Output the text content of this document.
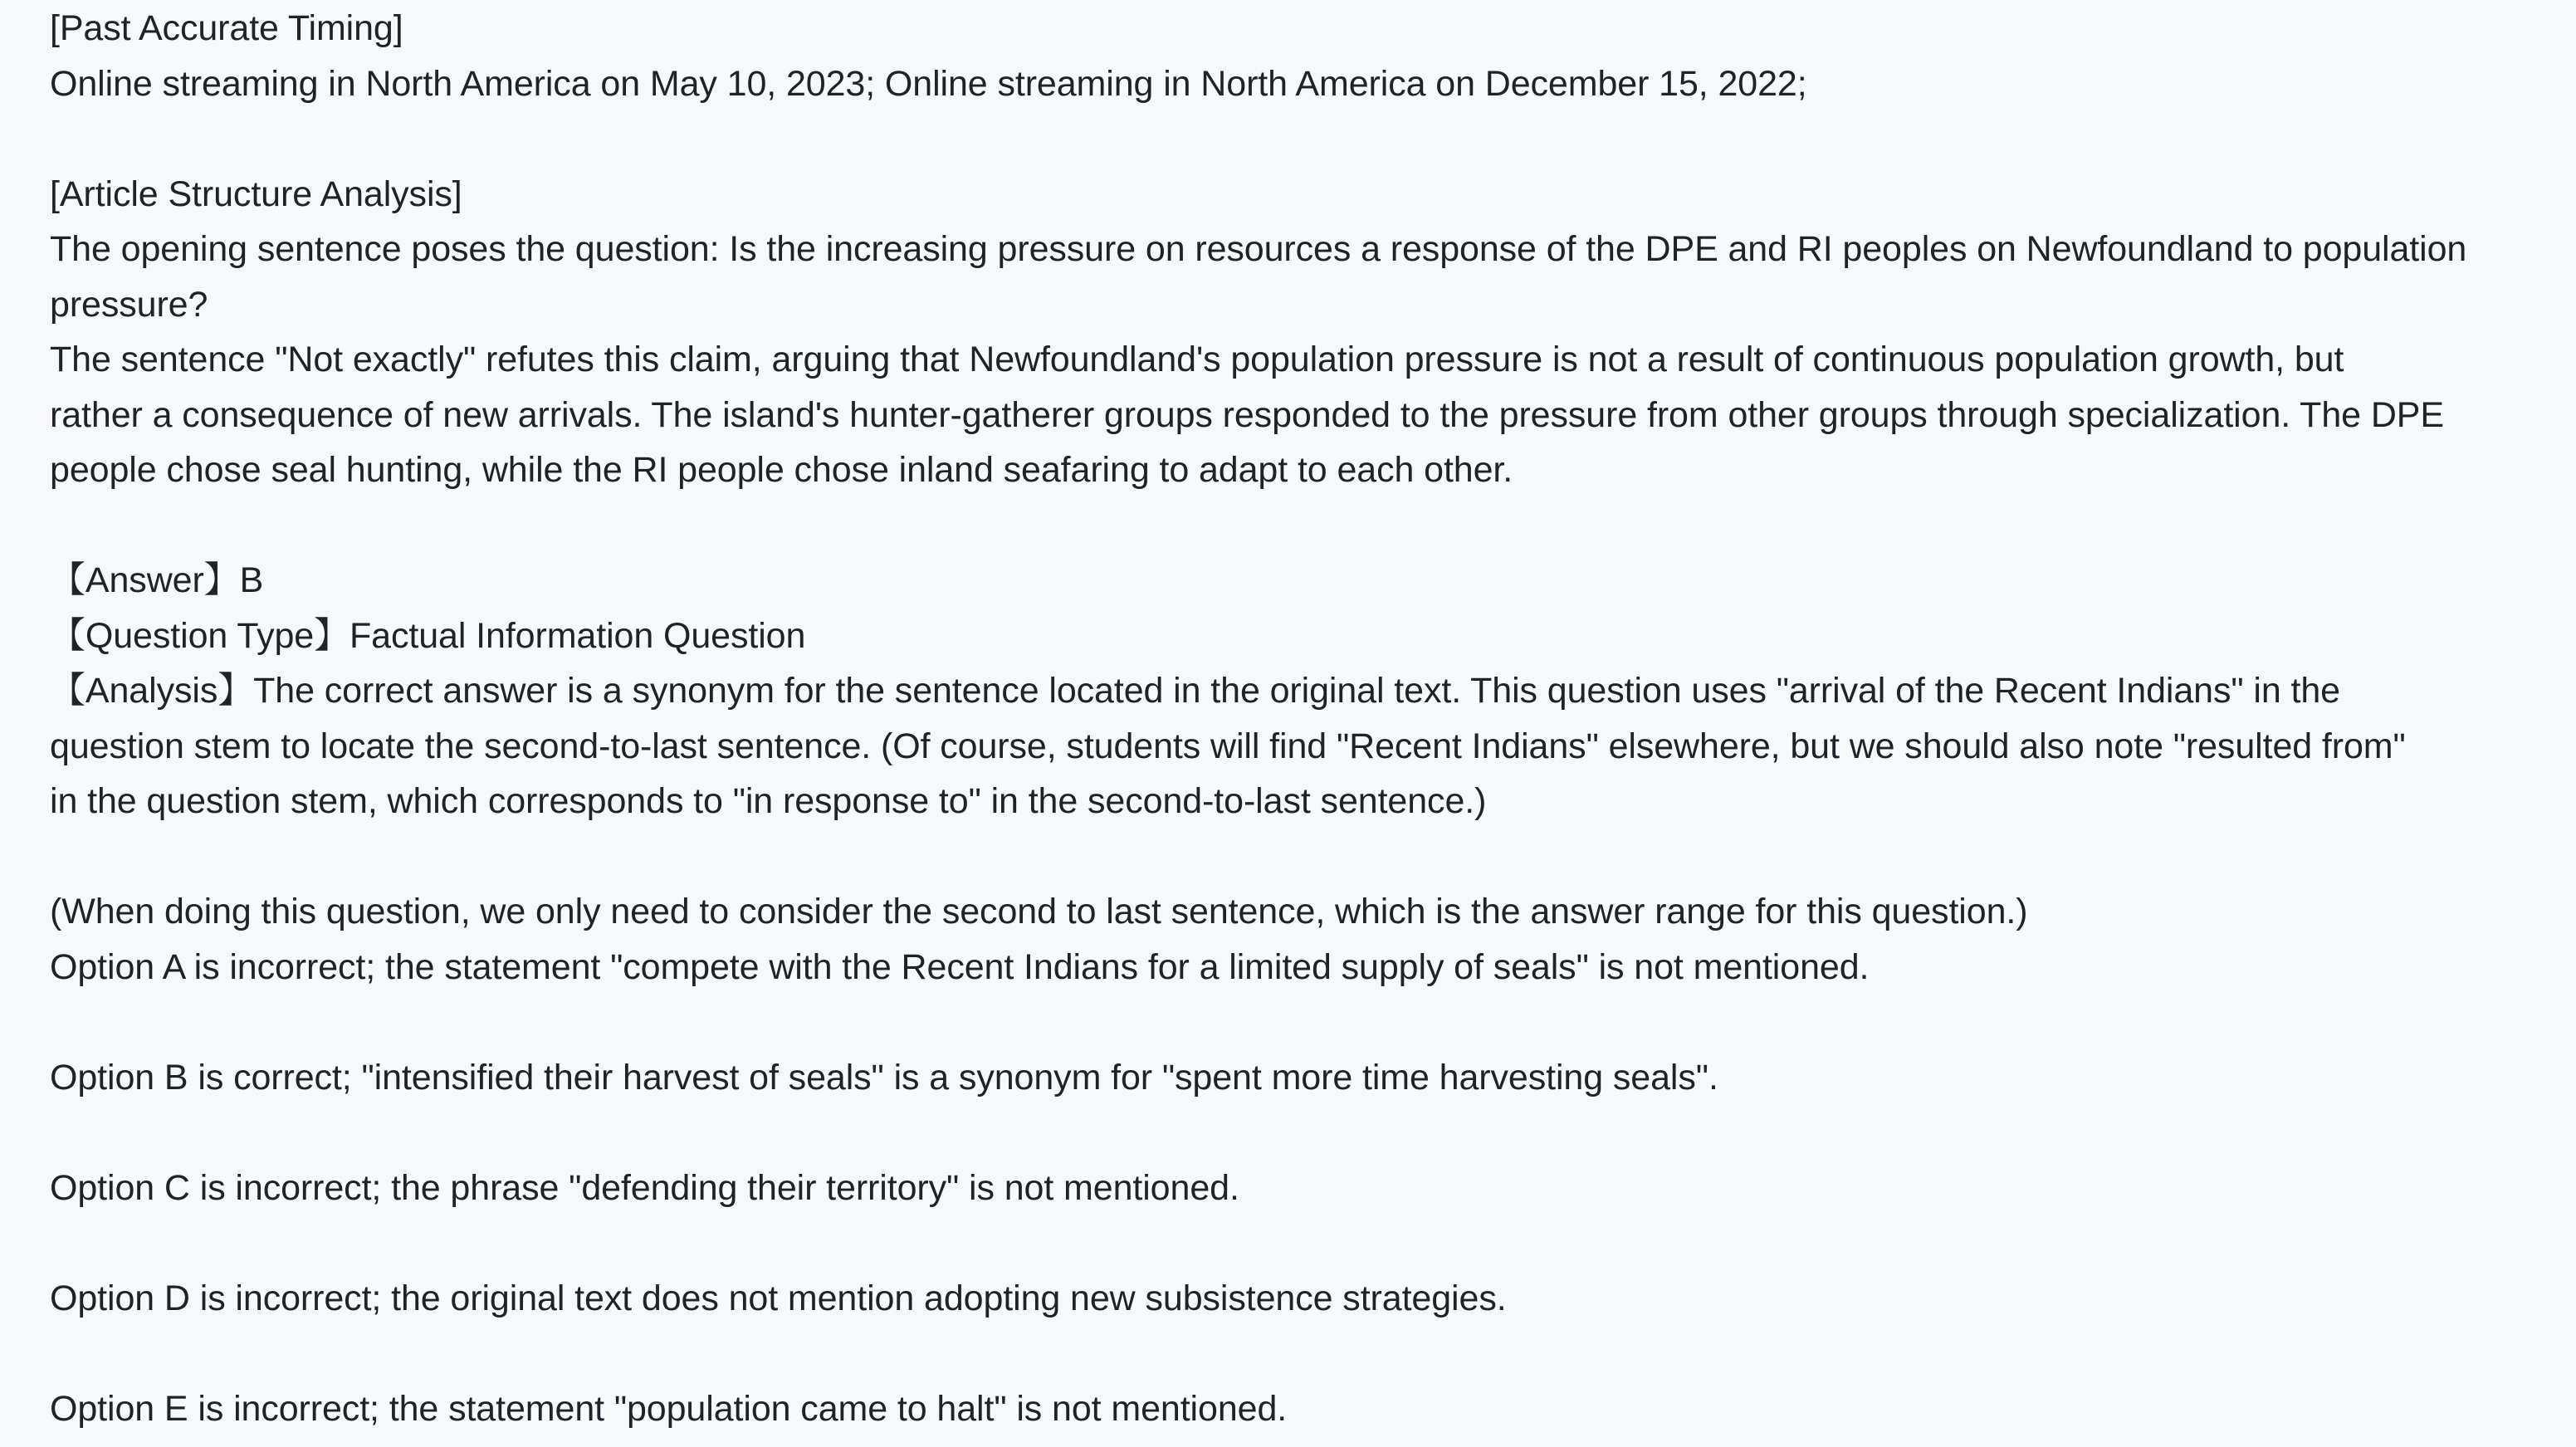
[Past Accurate Timing]
Online streaming in North America on May 10, 2023; Online streaming in North America on December 15, 2022;
[Article Structure Analysis]
The opening sentence poses the question: Is the increasing pressure on resources a response of the DPE and RI peoples on Newfoundland to population
pressure?
The sentence "Not exactly" refutes this claim, arguing that Newfoundland's population pressure is not a result of continuous population growth, but
rather a consequence of new arrivals. The island's hunter-gatherer groups responded to the pressure from other groups through specialization. The DPE
people chose seal hunting, while the RI people chose inland seafaring to adapt to each other.
【Answer】B
【Question Type】Factual Information Question
【Analysis】The correct answer is a synonym for the sentence located in the original text. This question uses "arrival of the Recent Indians" in the
question stem to locate the second-to-last sentence. (Of course, students will find "Recent Indians" elsewhere, but we should also note "resulted from"
in the question stem, which corresponds to "in response to" in the second-to-last sentence.)
(When doing this question, we only need to consider the second to last sentence, which is the answer range for this question.)
Option A is incorrect; the statement "compete with the Recent Indians for a limited supply of seals" is not mentioned.
Option B is correct; "intensified their harvest of seals" is a synonym for "spent more time harvesting seals".
Option C is incorrect; the phrase "defending their territory" is not mentioned.
Option D is incorrect; the original text does not mention adopting new subsistence strategies.
Option E is incorrect; the statement "population came to halt" is not mentioned.
